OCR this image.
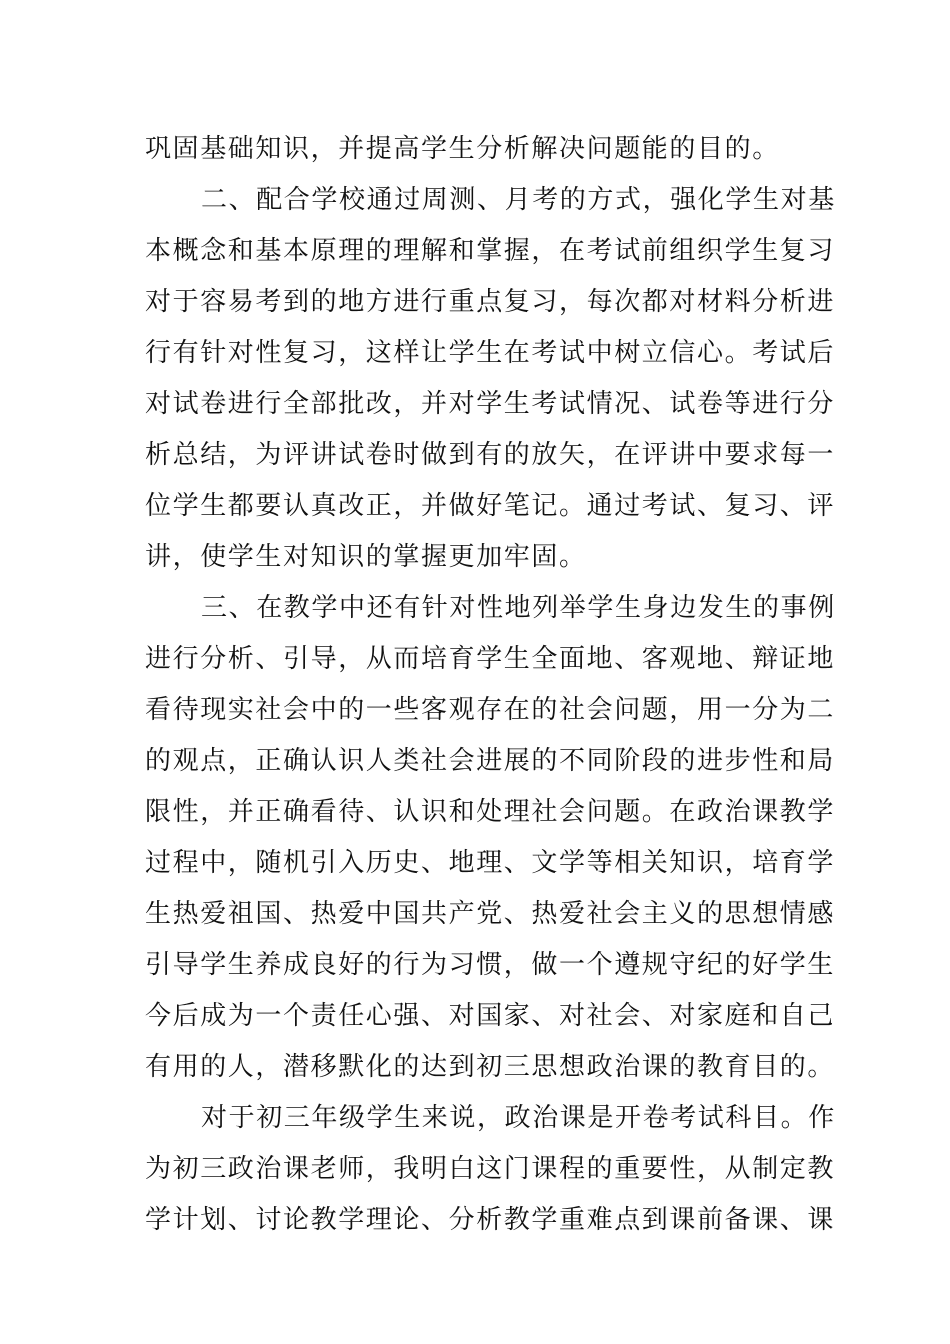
巩固基础知识，并提高学生分析解决问题能的目的。
二、配合学校通过周测、月考的方式，强化学生对基
本概念和基本原理的理解和掌握，在考试前组织学生复习
对于容易考到的地方进行重点复习，每次都对材料分析进
行有针对性复习，这样让学生在考试中树立信心。考试后
对试卷进行全部批改，并对学生考试情况、试卷等进行分
析总结，为评讲试卷时做到有的放矢，在评讲中要求每一
位学生都要认真改正，并做好笔记。通过考试、复习、评
讲，使学生对知识的掌握更加牢固。
三、在教学中还有针对性地列举学生身边发生的事例
进行分析、引导，从而培育学生全面地、客观地、辩证地
看待现实社会中的一些客观存在的社会问题，用一分为二
的观点，正确认识人类社会进展的不同阶段的进步性和局
限性，并正确看待、认识和处理社会问题。在政治课教学
过程中，随机引入历史、地理、文学等相关知识，培育学
生热爱祖国、热爱中国共产党、热爱社会主义的思想情感
引导学生养成良好的行为习惯，做一个遵规守纪的好学生
今后成为一个责任心强、对国家、对社会、对家庭和自己
有用的人，潜移默化的达到初三思想政治课的教育目的。
对于初三年级学生来说，政治课是开卷考试科目。作
为初三政治课老师，我明白这门课程的重要性，从制定教
学计划、讨论教学理论、分析教学重难点到课前备课、课
